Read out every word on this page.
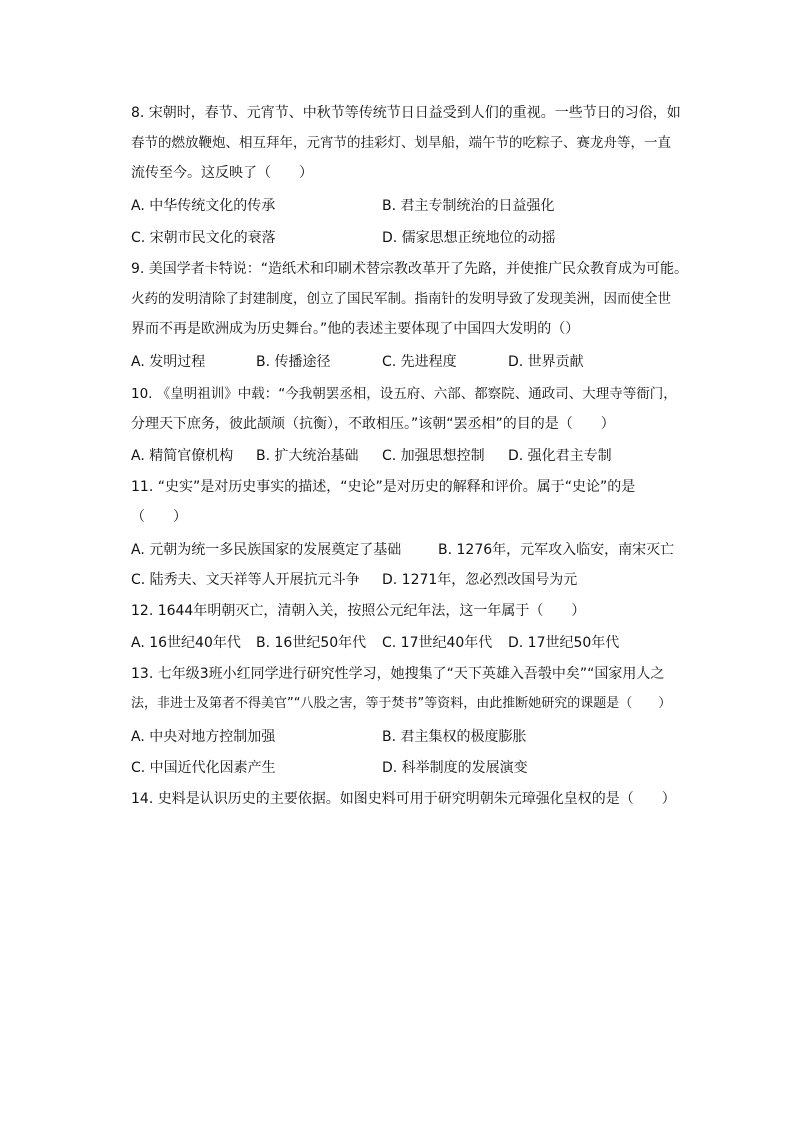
8. 宋朝时，春节、元宵节、中秋节等传统节日日益受到人们的重视。一些节日的习俗，如
春节的燃放鞭炮、相互拜年，元宵节的挂彩灯、划旱船，端午节的吃粽子、赛龙舟等，一直
流传至今。这反映了（　　）
A. 中华传统文化的传承	B. 君主专制统治的日益强化
C. 宋朝市民文化的衰落	D. 儒家思想正统地位的动摇
9. 美国学者卡特说：“造纸术和印刷术替宗教改革开了先路，并使推广民众教育成为可能。
火药的发明清除了封建制度，创立了国民军制。指南针的发明导致了发现美洲，因而使全世
界而不再是欧洲成为历史舞台。”他的表述主要体现了中国四大发明的（）
A. 发明过程	B. 传播途径	C. 先进程度	D. 世界贡献
10. 《皇明祖训》中载：“今我朝罢丞相，设五府、六部、都察院、通政司、大理寺等衙门，
分理天下庶务，彼此颉颃（抗衡），不敢相压。”该朝“罢丞相”的目的是（　　）
A. 精简官僚机构 B. 扩大统治基础 C. 加强思想控制 D. 强化君主专制
11. “史实”是对历史事实的描述，“史论”是对历史的解释和评价。属于“史论”的是
（　　）
A. 元朝为统一多民族国家的发展奠定了基础	B. 1276年，元军攻入临安，南宋灭亡
C. 陆秀夫、文天祥等人开展抗元斗争 D. 1271年，忽必烈改国号为元
12. 1644年明朝灭亡，清朝入关，按照公元纪年法，这一年属于（　　）
A. 16世纪40年代 B. 16世纪50年代 C. 17世纪40年代 D. 17世纪50年代
13. 七年级3班小红同学进行研究性学习，她搜集了“天下英雄入吾彀中矣”“国家用人之
法，非进士及第者不得美官”“八股之害，等于焚书”等资料，由此推断她研究的课题是（　　）
A. 中央对地方控制加强	B. 君主集权的极度膨胀
C. 中国近代化因素产生	D. 科举制度的发展演变
14. 史料是认识历史的主要依据。如图史料可用于研究明朝朱元璋强化皇权的是（　　）
